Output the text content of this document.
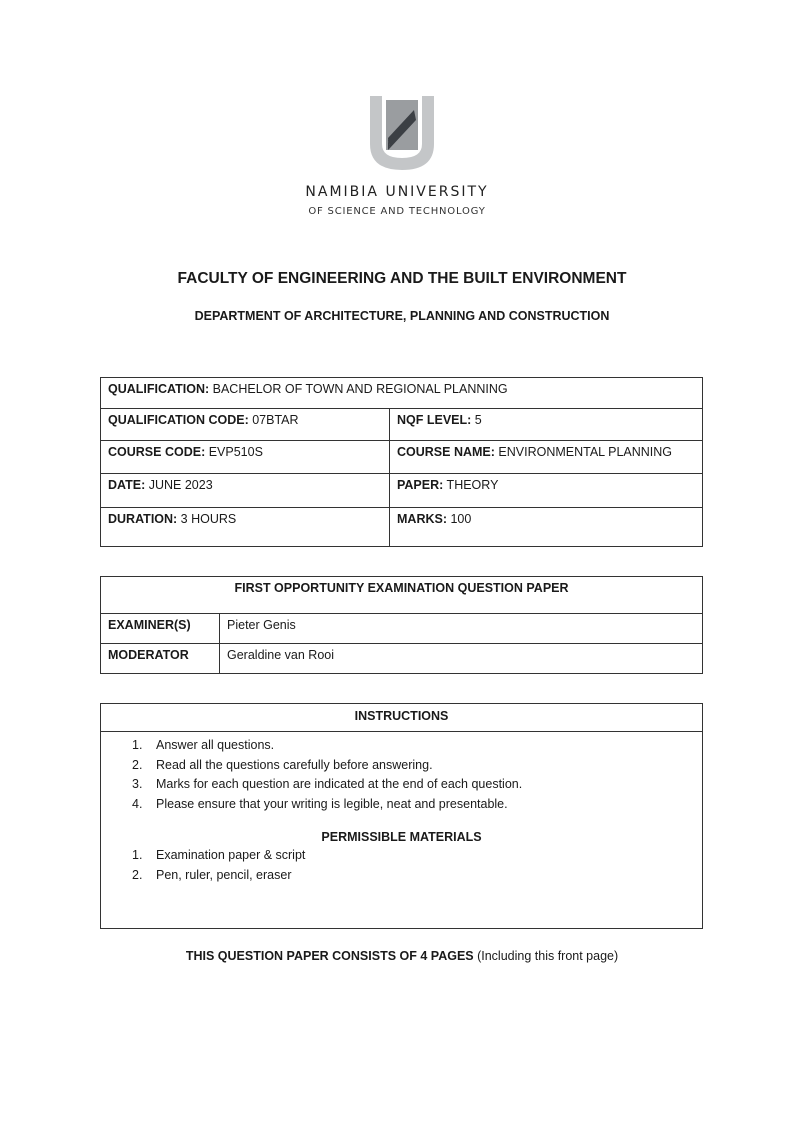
NAMIBIA UNIVERSITY
OF SCIENCE AND TECHNOLOGY
FACULTY OF ENGINEERING AND THE BUILT ENVIRONMENT
DEPARTMENT OF ARCHITECTURE, PLANNING AND CONSTRUCTION
QUALIFICATION: BACHELOR OF TOWN AND REGIONAL PLANNING	
QUALIFICATION CODE: 07BTAR	NQF LEVEL: 5
COURSE CODE: EVP510S	COURSE NAME: ENVIRONMENTAL PLANNING
DATE: JUNE 2023	PAPER: THEORY
DURATION: 3 HOURS	MARKS: 100
FIRST OPPORTUNITY EXAMINATION QUESTION PAPER	
EXAMINER(S)	Pieter Genis
MODERATOR	Geraldine van Rooi
INSTRUCTIONS
1. Answer all questions.
2. Read all the questions carefully before answering.
3. Marks for each question are indicated at the end of each question.
4. Please ensure that your writing is legible, neat and presentable.
PERMISSIBLE MATERIALS
1. Examination paper & script
2. Pen, ruler, pencil, eraser
THIS QUESTION PAPER CONSISTS OF 4 PAGES (Including this front page)
